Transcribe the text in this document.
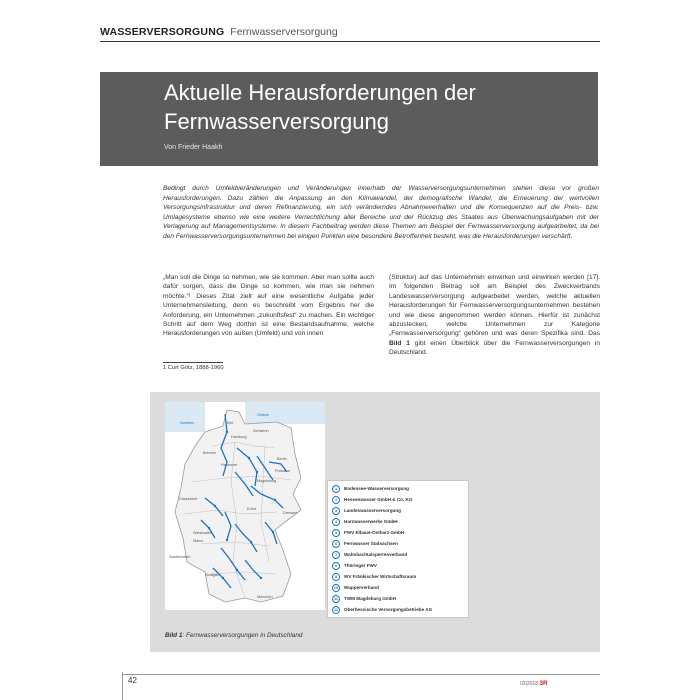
WASSERVERSORGUNG Fernwasserversorgung
Aktuelle Herausforderungen der Fernwasserversorgung
Von Frieder Haakh

Bedingt durch Umfeldveränderungen und Veränderungen innerhalb der Wasserversorgungsunternehmen stehen diese vor großen Herausforderungen. Dazu zählen die Anpassung an den Klimawandel, der demografische Wandel, die Erneuerung der wertvollen Versorgungsinfrastruktur und deren Refinanzierung, ein sich veränderndes Abnahmeverhalten und die Konsequenzen auf die Preis- bzw. Umlagesysteme ebenso wie eine weitere Verrechtlichung aller Bereiche und der Rückzug des Staates aus Überwachungsaufgaben mit der Verlagerung auf Managementsysteme. In diesem Fachbeitrag werden diese Themen am Beispiel der Fernwasserversorgung aufgearbeitet, da bei den Fernwasserversorgungsunternehmen bei einigen Punkten eine besondere Betroffenheit besteht, was die Herausforderungen verschärft.

„Man soll die Dinge so nehmen, wie sie kommen. Aber man sollte auch dafür sorgen, dass die Dinge so kommen, wie man sie nehmen möchte.“¹ Dieses Zitat zielt auf eine wesentliche Aufgabe jeder Unternehmensleitung, denn es beschreibt vom Ergebnis her die Anforderung, ein Unternehmen „zukunftsfest“ zu machen. Ein wichtiger Schritt auf dem Weg dorthin ist eine Bestandsaufnahme, welche Herausforderungen von außen (Umfeld) und von innen

(Struktur) auf das Unternehmen einwirken und einwirken werden [17]. Im folgenden Beitrag soll am Beispiel des Zweckverbands Landeswasserversorgung aufgearbeitet werden, welche aktuellen Herausforderungen für Fernwasserversorgungsunternehmen bestehen und wie diese angenommen werden können. Hierfür ist zunächst abzustecken, welche Unternehmen zur Kategorie „Fernwasserversorgung“ gehören und was deren Spezifika sind. Das Bild 1 gibt einen Überblick über die Fernwasserversorgungen in Deutschland.

1 Curt Götz, 1888-1960
Nordsee
Ostsee
Kiel
Hamburg
Schwerin
Bremen
Berlin
Hannover
Magdeburg
Potsdam
Düsseldorf
Erfurt
Dresden
Wiesbaden
Mainz
Saarbrücken
Stuttgart
München
1	Bodensee-Wasserversorgung
2	Hessenwasser GmbH & Co. KG
3	Landeswasserversorgung
4	Harzwasserwerke GmbH
5	FWV Elbaue-Ostharz GmbH
6	Fernwasser Südsachsen
7	Wahnbachtalsperrenverband
8	Thüringer FWV
9	WV Fränkischer Wirtschaftsraum
10	Wupperverband
11	TWM Magdeburg GmbH
12	Oberhessische Versorgungsbetriebe AG
Bild 1: Fernwasserversorgungen in Deutschland
42	03|2018 3R
